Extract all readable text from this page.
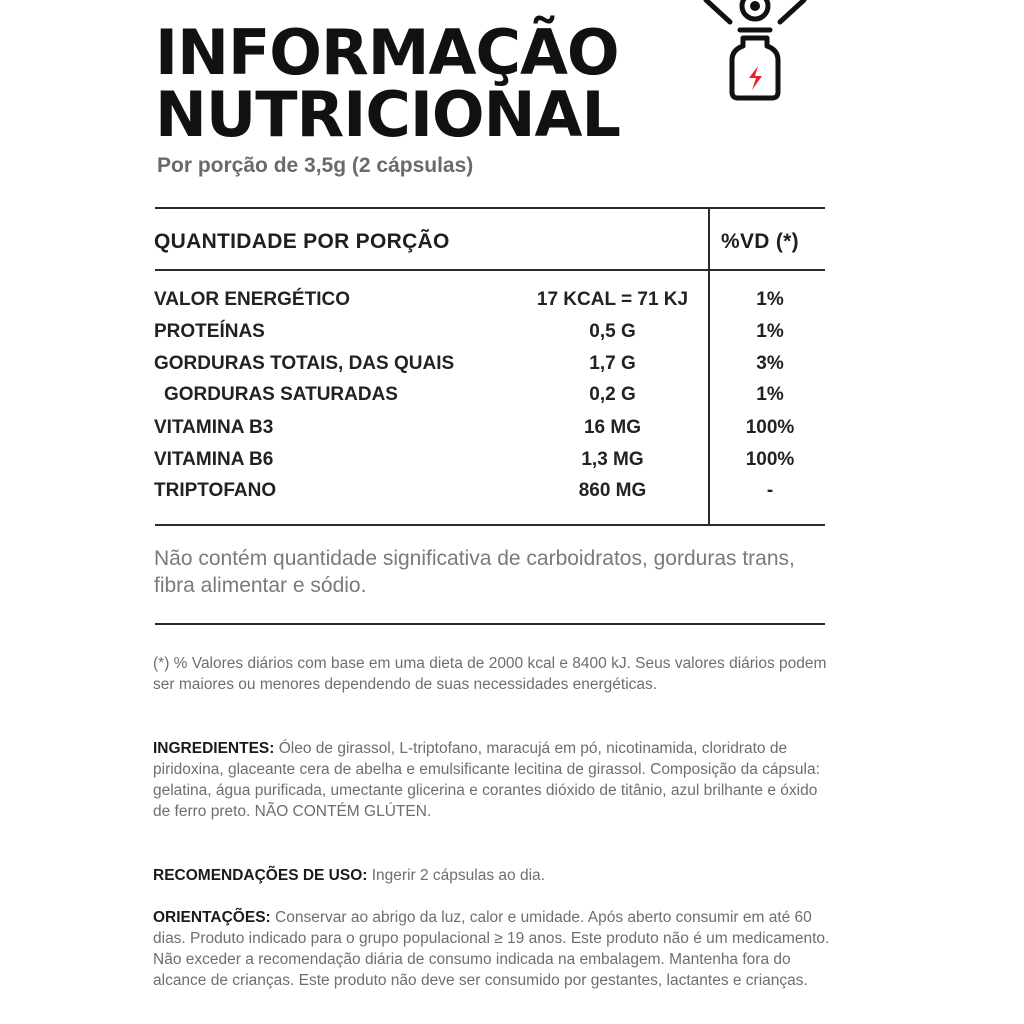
INFORMAÇÃO
NUTRICIONAL
Por porção de 3,5g (2 cápsulas)
QUANTIDADE POR PORÇÃO	%VD (*)
VALOR ENERGÉTICO	17 KCAL = 71 KJ	1%
PROTEÍNAS	0,5 G	1%
GORDURAS TOTAIS, DAS QUAIS	1,7 G	3%
GORDURAS SATURADAS	0,2 G	1%
VITAMINA B3	16 MG	100%
VITAMINA B6	1,3 MG	100%
TRIPTOFANO	860 MG	-
Não contém quantidade significativa de carboidratos, gorduras trans, fibra alimentar e sódio.
(*) % Valores diários com base em uma dieta de 2000 kcal e 8400 kJ. Seus valores diários podem ser maiores ou menores dependendo de suas necessidades energéticas.
INGREDIENTES: Óleo de girassol, L-triptofano, maracujá em pó, nicotinamida, cloridrato de piridoxina, glaceante cera de abelha e emulsificante lecitina de girassol. Composição da cápsula: gelatina, água purificada, umectante glicerina e corantes dióxido de titânio, azul brilhante e óxido de ferro preto. NÃO CONTÉM GLÚTEN.
RECOMENDAÇÕES DE USO: Ingerir 2 cápsulas ao dia.
ORIENTAÇÕES: Conservar ao abrigo da luz, calor e umidade. Após aberto consumir em até 60 dias. Produto indicado para o grupo populacional ≥ 19 anos. Este produto não é um medicamento. Não exceder a recomendação diária de consumo indicada na embalagem. Mantenha fora do alcance de crianças. Este produto não deve ser consumido por gestantes, lactantes e crianças.
